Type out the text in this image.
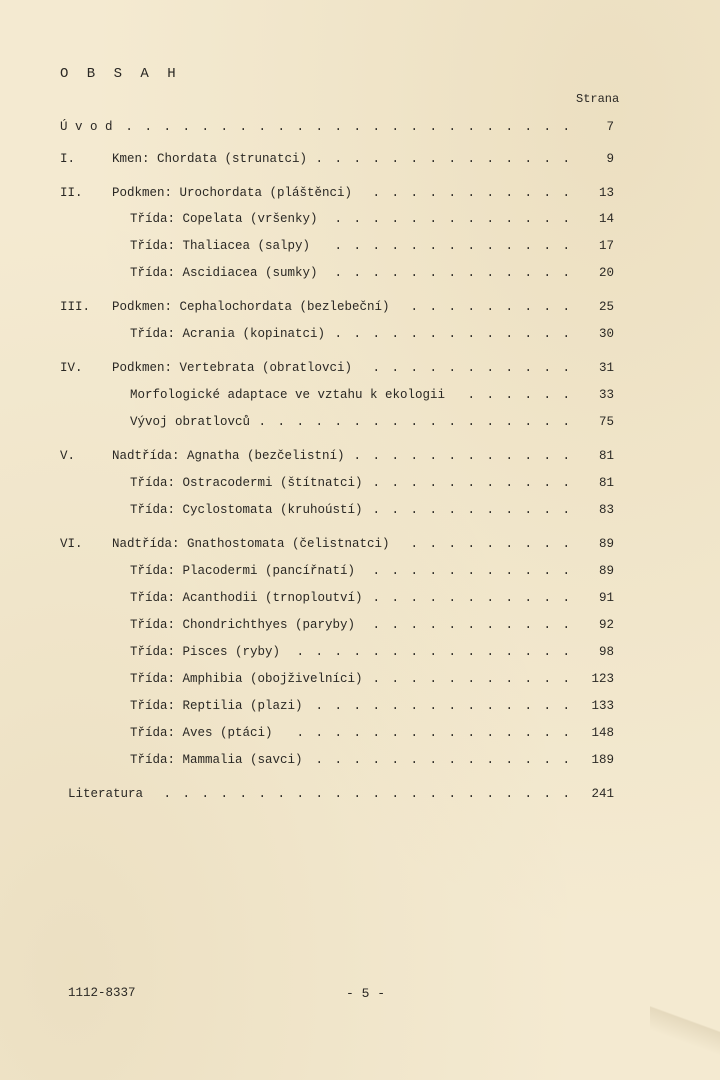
O B S A H
Strana
Ú v o d . . .	7
I.	Kmen: Chordata (strunatci) . . .	9
II. Podkmen: Urochordata (pláštěnci) . . .	13
Třída: Copelata (vršenky) . . .	14
Třída: Thaliacea (salpy) . . .	17
Třída: Ascidiacea (sumky) . . .	20
III. Podkmen: Cephalochordata (bezlebeční) . . .	25
Třída: Acrania (kopinatci) . . .	30
IV. Podkmen: Vertebrata (obratlovci) . . .	31
Morfologické adaptace ve vztahu k ekologii . . .	33
Vývoj obratlovců . . .	75
V.	Nadtřída: Agnatha (bezčelistní) . . .	81
Třída: Ostracodermi (štítnatci) . . .	81
Třída: Cyclostomata (kruhoústí) . . .	83
VI. Nadtřída: Gnathostomata (čelistnatci) . . .	89
Třída: Placodermi (pancířnatí) . . .	89
Třída: Acanthodii (trnoploutví) . . .	91
Třída: Chondrichthyes (paryby) . . .	92
Třída: Pisces (ryby) . . .	98
Třída: Amphibia (obojživelníci) . . .	123
Třída: Reptilia (plazi) . . .	133
Třída: Aves (ptáci) . . .	148
Třída: Mammalia (savci) . . .	189
Literatura . . .	241
1112-8337	- 5 -
